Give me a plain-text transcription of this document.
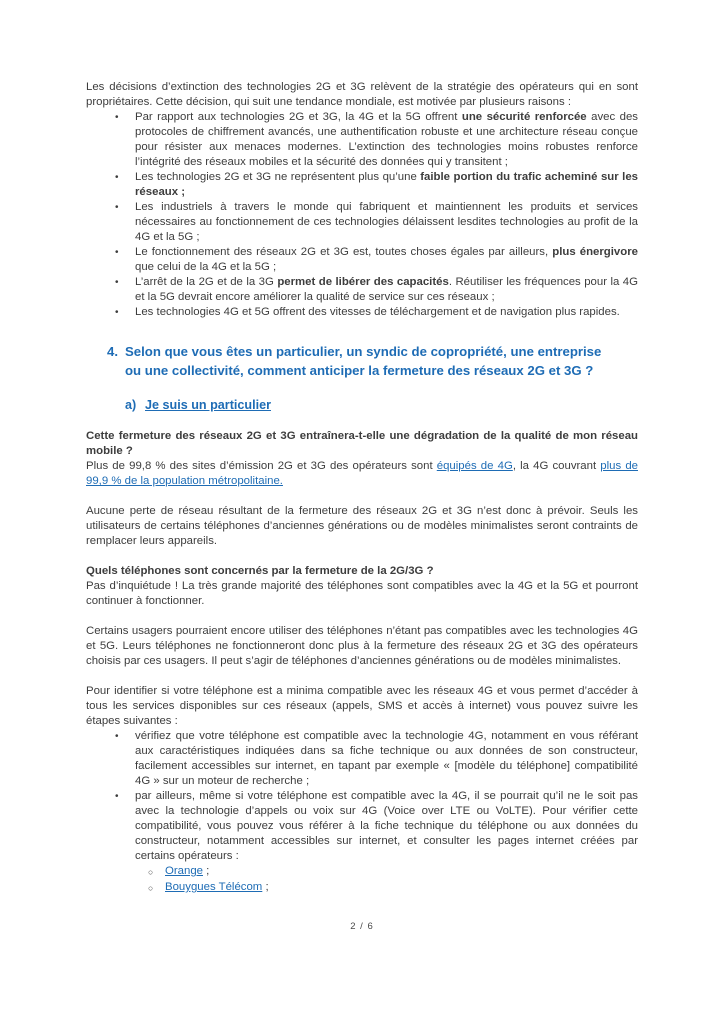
Les décisions d’extinction des technologies 2G et 3G relèvent de la stratégie des opérateurs qui en sont propriétaires. Cette décision, qui suit une tendance mondiale, est motivée par plusieurs raisons :

•	Par rapport aux technologies 2G et 3G, la 4G et la 5G offrent une sécurité renforcée avec des protocoles de chiffrement avancés, une authentification robuste et une architecture réseau conçue pour résister aux menaces modernes. L’extinction des technologies moins robustes renforce l’intégrité des réseaux mobiles et la sécurité des données qui y transitent ;
•	Les technologies 2G et 3G ne représentent plus qu’une faible portion du trafic acheminé sur les réseaux ;
•	Les industriels à travers le monde qui fabriquent et maintiennent les produits et services nécessaires au fonctionnement de ces technologies délaissent lesdites technologies au profit de la 4G et la 5G ;
•	Le fonctionnement des réseaux 2G et 3G est, toutes choses égales par ailleurs, plus énergivore que celui de la 4G et la 5G ;
•	L’arrêt de la 2G et de la 3G permet de libérer des capacités. Réutiliser les fréquences pour la 4G et la 5G devrait encore améliorer la qualité de service sur ces réseaux ;
•	Les technologies 4G et 5G offrent des vitesses de téléchargement et de navigation plus rapides.
4. Selon que vous êtes un particulier, un syndic de copropriété, une entreprise
ou une collectivité, comment anticiper la fermeture des réseaux 2G et 3G ?
a) Je suis un particulier

Cette fermeture des réseaux 2G et 3G entraînera-t-elle une dégradation de la qualité de mon réseau mobile ?
Plus de 99,8 % des sites d’émission 2G et 3G des opérateurs sont équipés de 4G, la 4G couvrant plus de 99,9 % de la population métropolitaine.

Aucune perte de réseau résultant de la fermeture des réseaux 2G et 3G n’est donc à prévoir. Seuls les utilisateurs de certains téléphones d’anciennes générations ou de modèles minimalistes seront contraints de remplacer leurs appareils.

Quels téléphones sont concernés par la fermeture de la 2G/3G ?
Pas d’inquiétude ! La très grande majorité des téléphones sont compatibles avec la 4G et la 5G et pourront continuer à fonctionner.

Certains usagers pourraient encore utiliser des téléphones n’étant pas compatibles avec les technologies 4G et 5G. Leurs téléphones ne fonctionneront donc plus à la fermeture des réseaux 2G et 3G des opérateurs choisis par ces usagers. Il peut s’agir de téléphones d’anciennes générations ou de modèles minimalistes.

Pour identifier si votre téléphone est a minima compatible avec les réseaux 4G et vous permet d’accéder à tous les services disponibles sur ces réseaux (appels, SMS et accès à internet) vous pouvez suivre les étapes suivantes :

•	vérifiez que votre téléphone est compatible avec la technologie 4G, notamment en vous référant aux caractéristiques indiquées dans sa fiche technique ou aux données de son constructeur, facilement accessibles sur internet, en tapant par exemple « [modèle du téléphone] compatibilité 4G » sur un moteur de recherche ;
•	par ailleurs, même si votre téléphone est compatible avec la 4G, il se pourrait qu’il ne le soit pas avec la technologie d’appels ou voix sur 4G (Voice over LTE ou VoLTE). Pour vérifier cette compatibilité, vous pouvez vous référer à la fiche technique du téléphone ou aux données du constructeur, notamment accessibles sur internet, et consulter les pages internet créées par certains opérateurs :
○	Orange ;
○	Bouygues Télécom ;
2 / 6
